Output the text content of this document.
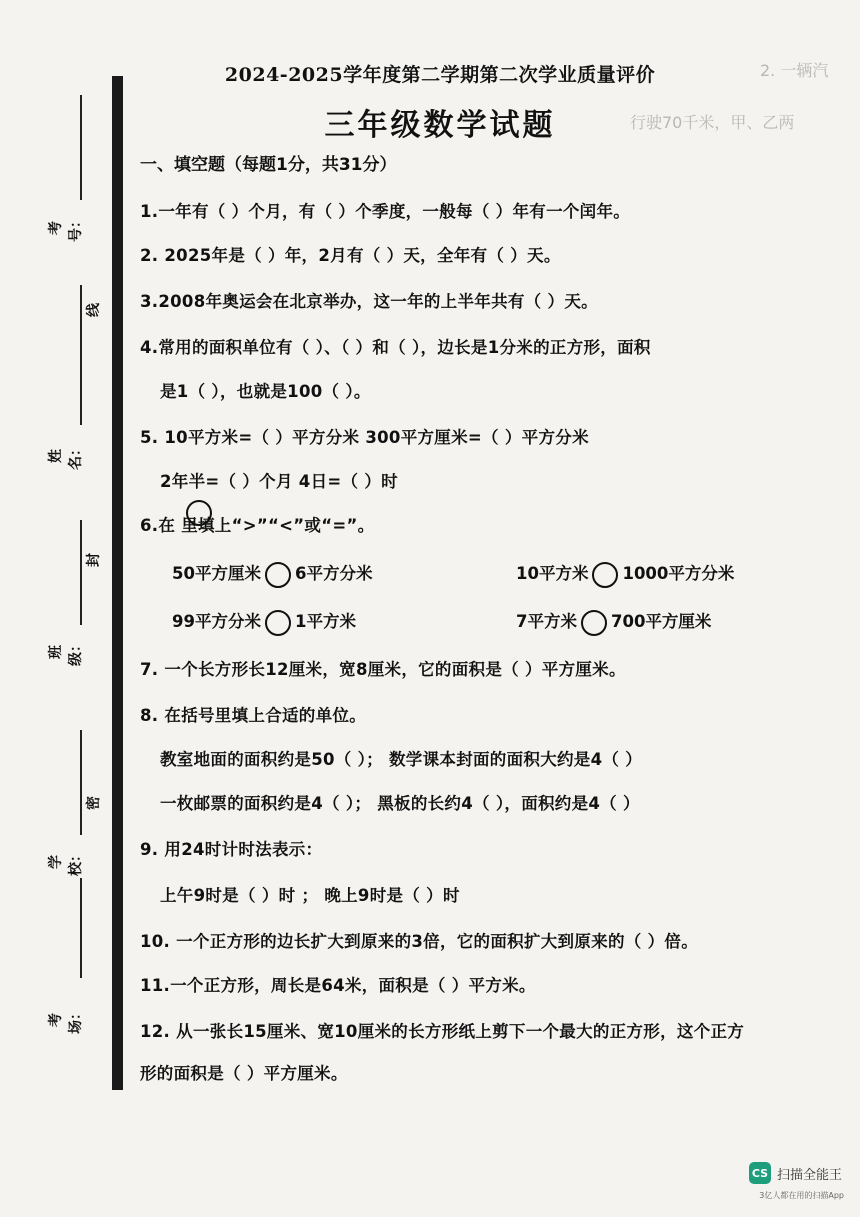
2. 一辆汽
行驶70千米，甲、乙两
考号：
线
姓名：
班级：
封
学校：
密
考场：
2024-2025学年度第二学期第二次学业质量评价
三年级数学试题
一、填空题（每题1分，共31分）
1.一年有（ ）个月，有（ ）个季度，一般每（ ）年有一个闰年。
2. 2025年是（ ）年，2月有（ ）天，全年有（ ）天。
3.2008年奥运会在北京举办，这一年的上半年共有（ ）天。
4.常用的面积单位有（ ）、（ ）和（ ），边长是1分米的正方形，面积
是1（ ），也就是100（ ）。
5. 10平方米=（ ）平方分米 300平方厘米=（ ）平方分米
2年半=（ ）个月 4日=（ ）时
6.在 里填上“>”“<”或“=”。
50平方厘米 6平方分米	10平方米 1000平方分米
99平方分米 1平方米	7平方米 700平方厘米
7. 一个长方形长12厘米，宽8厘米，它的面积是（ ）平方厘米。
8. 在括号里填上合适的单位。
教室地面的面积约是50（ ）； 数学课本封面的面积大约是4（ ）
一枚邮票的面积约是4（ ）； 黑板的长约4（ ），面积约是4（ ）
9. 用24时计时法表示：
上午9时是（ ）时 ； 晚上9时是（ ）时
10. 一个正方形的边长扩大到原来的3倍，它的面积扩大到原来的（ ）倍。
11.一个正方形，周长是64米，面积是（ ）平方米。
12. 从一张长15厘米、宽10厘米的长方形纸上剪下一个最大的正方形，这个正方
形的面积是（ ）平方厘米。
CS 扫描全能王
3亿人都在用的扫描App
